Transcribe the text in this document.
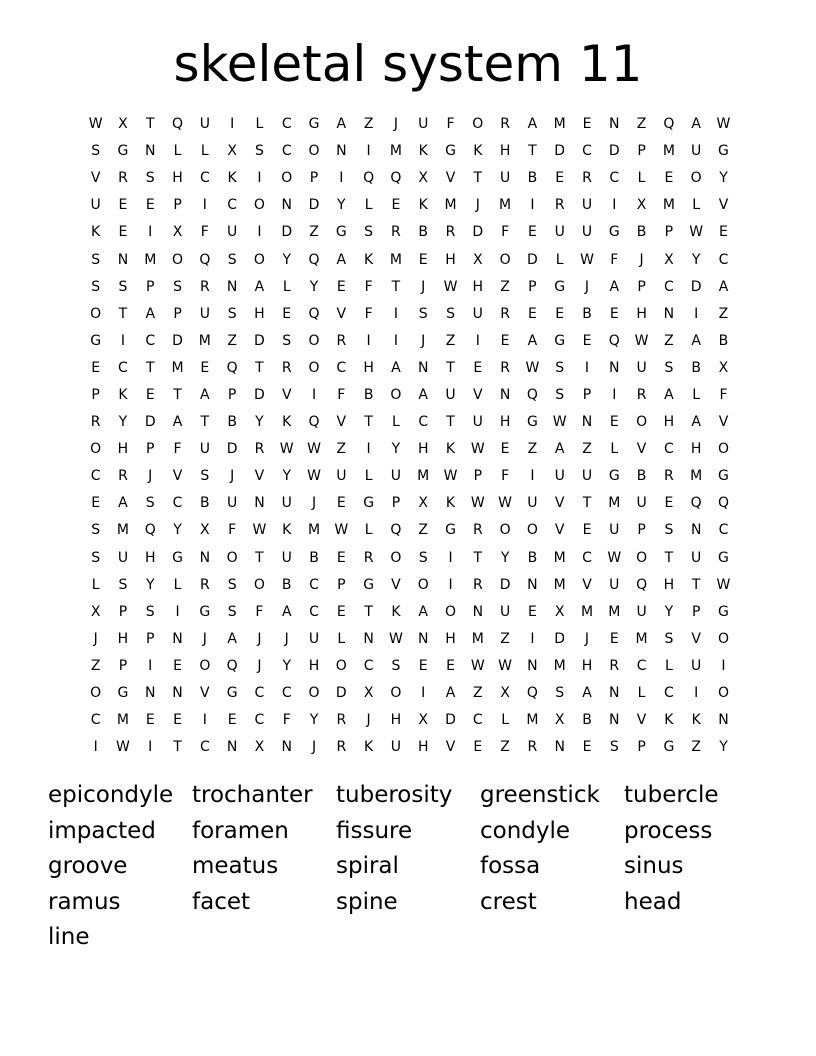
skeletal system 11
W	X	T	Q	U	I	L	C	G	A	Z	J	U	F	O	R	A	M	E	N	Z	Q	A	W
S	G	N	L	L	X	S	C	O	N	I	M	K	G	K	H	T	D	C	D	P	M	U	G
V	R	S	H	C	K	I	O	P	I	Q	Q	X	V	T	U	B	E	R	C	L	E	O	Y
U	E	E	P	I	C	O	N	D	Y	L	E	K	M	J	M	I	R	U	I	X	M	L	V
K	E	I	X	F	U	I	D	Z	G	S	R	B	R	D	F	E	U	U	G	B	P	W	E
S	N	M	O	Q	S	O	Y	Q	A	K	M	E	H	X	O	D	L	W	F	J	X	Y	C
S	S	P	S	R	N	A	L	Y	E	F	T	J	W	H	Z	P	G	J	A	P	C	D	A
O	T	A	P	U	S	H	E	Q	V	F	I	S	S	U	R	E	E	B	E	H	N	I	Z
G	I	C	D	M	Z	D	S	O	R	I	I	J	Z	I	E	A	G	E	Q	W	Z	A	B
E	C	T	M	E	Q	T	R	O	C	H	A	N	T	E	R	W	S	I	N	U	S	B	X
P	K	E	T	A	P	D	V	I	F	B	O	A	U	V	N	Q	S	P	I	R	A	L	F
R	Y	D	A	T	B	Y	K	Q	V	T	L	C	T	U	H	G	W	N	E	O	H	A	V
O	H	P	F	U	D	R	W W	Z	I	Y	H	K	W	E	Z	A	Z	L	V	C	H	O
C	R	J	V	S	J	V	Y	W	U	L	U	M	W	P	F	I	U	U	G	B	R	M	G
E	A	S	C	B	U	N	U	J	E	G	P	X	K	W W	U	V	T	M	U	E	Q	Q
S	M	Q	Y	X	F	W	K	M	W	L	Q	Z	G	R	O	O	V	E	U	P	S	N	C
S	U	H	G	N	O	T	U	B	E	R	O	S	I	T	Y	B	M	C	W	O	T	U	G
L	S	Y	L	R	S	O	B	C	P	G	V	O	I	R	D	N	M	V	U	Q	H	T	W
X	P	S	I	G	S	F	A	C	E	T	K	A	O	N	U	E	X	M	M	U	Y	P	G
J	H	P	N	J	A	J	J	U	L	N	W	N	H	M	Z	I	D	J	E	M	S	V	O
Z	P	I	E	O	Q	J	Y	H	O	C	S	E	E	W W	N	M	H	R	C	L	U	I
O	G	N	N	V	G	C	C	O	D	X	O	I	A	Z	X	Q	S	A	N	L	C	I	O
C	M	E	E	I	E	C	F	Y	R	J	H	X	D	C	L	M	X	B	N	V	K	K	N
I	W	I	T	C	N	X	N	J	R	K	U	H	V	E	Z	R	N	E	S	P	G	Z	Y
epicondyle trochanter	tuberosity	greenstick	tubercle
impacted	foramen	fissure	condyle	process
groove	meatus	spiral	fossa	sinus
ramus	facet	spine	crest	head
line
